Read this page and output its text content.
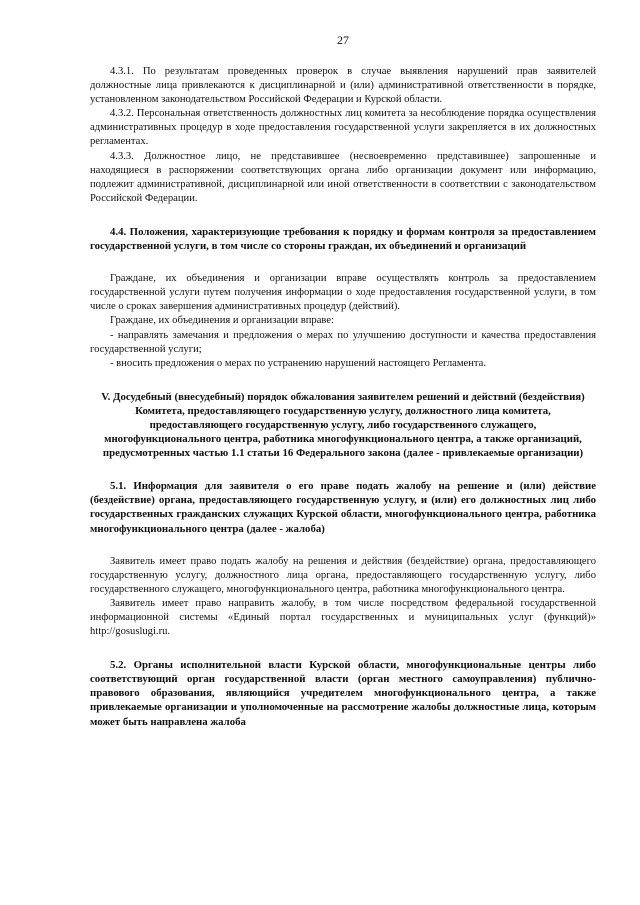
27

4.3.1. По результатам проведенных проверок в случае выявления нарушений прав заявителей должностные лица привлекаются к дисциплинарной и (или) административной ответственности в порядке, установленном законодательством Российской Федерации и Курской области.

4.3.2. Персональная ответственность должностных лиц комитета за несоблюдение порядка осуществления административных процедур в ходе предоставления государственной услуги закрепляется в их должностных регламентах.

4.3.3. Должностное лицо, не представившее (несвоевременно представившее) запрошенные и находящиеся в распоряжении соответствующих органа либо организации документ или информацию, подлежит административной, дисциплинарной или иной ответственности в соответствии с законодательством Российской Федерации.

4.4. Положения, характеризующие требования к порядку и формам контроля за предоставлением государственной услуги, в том числе со стороны граждан, их объединений и организаций

Граждане, их объединения и организации вправе осуществлять контроль за предоставлением государственной услуги путем получения информации о ходе предоставления государственной услуги, в том числе о сроках завершения административных процедур (действий).

Граждане, их объединения и организации вправе:

- направлять замечания и предложения о мерах по улучшению доступности и качества предоставления государственной услуги;

- вносить предложения о мерах по устранению нарушений настоящего Регламента.

V. Досудебный (внесудебный) порядок обжалования заявителем решений и действий (бездействия) Комитета, предоставляющего государственную услугу, должностного лица комитета, предоставляющего государственную услугу, либо государственного служащего, многофункционального центра, работника многофункционального центра, а также организаций, предусмотренных частью 1.1 статьи 16 Федерального закона (далее - привлекаемые организации)

5.1. Информация для заявителя о его праве подать жалобу на решение и (или) действие (бездействие) органа, предоставляющего государственную услугу, и (или) его должностных лиц либо государственных гражданских служащих Курской области, многофункционального центра, работника многофункционального центра (далее - жалоба)

Заявитель имеет право подать жалобу на решения и действия (бездействие) органа, предоставляющего государственную услугу, должностного лица органа, предоставляющего государственную услугу, либо государственного служащего, многофункционального центра, работника многофункционального центра.

Заявитель имеет право направить жалобу, в том числе посредством федеральной государственной информационной системы «Единый портал государственных и муниципальных услуг (функций)» http://gosuslugi.ru.

5.2. Органы исполнительной власти Курской области, многофункциональные центры либо соответствующий орган государственной власти (орган местного самоуправления) публично-правового образования, являющийся учредителем многофункционального центра, а также привлекаемые организации и уполномоченные на рассмотрение жалобы должностные лица, которым может быть направлена жалоба
